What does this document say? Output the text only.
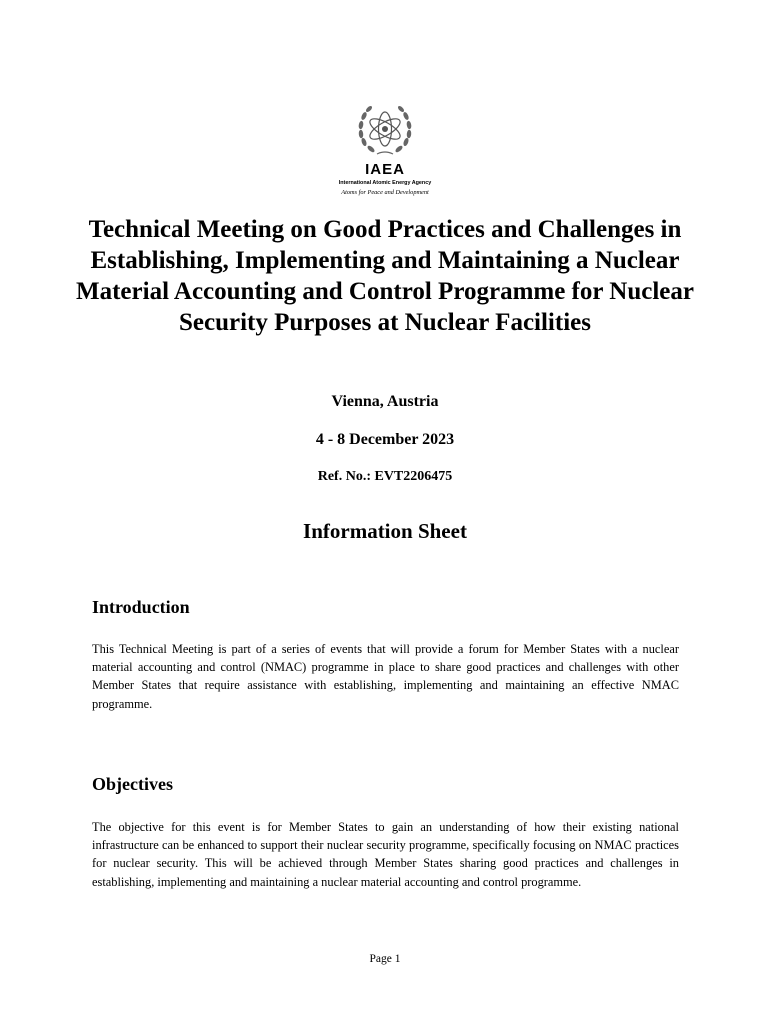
IAEA
International Atomic Energy Agency
Atoms for Peace and Development
Technical Meeting on Good Practices and Challenges in Establishing, Implementing and Maintaining a Nuclear Material Accounting and Control Programme for Nuclear Security Purposes at Nuclear Facilities

Vienna, Austria

4 - 8 December 2023

Ref. No.: EVT2206475

Information Sheet
Introduction

This Technical Meeting is part of a series of events that will provide a forum for Member States with a nuclear material accounting and control (NMAC) programme in place to share good practices and challenges with other Member States that require assistance with establishing, implementing and maintaining an effective NMAC programme.

Objectives

The objective for this event is for Member States to gain an understanding of how their existing national infrastructure can be enhanced to support their nuclear security programme, specifically focusing on NMAC practices for nuclear security. This will be achieved through Member States sharing good practices and challenges in establishing, implementing and maintaining a nuclear material accounting and control programme.

Page 1
